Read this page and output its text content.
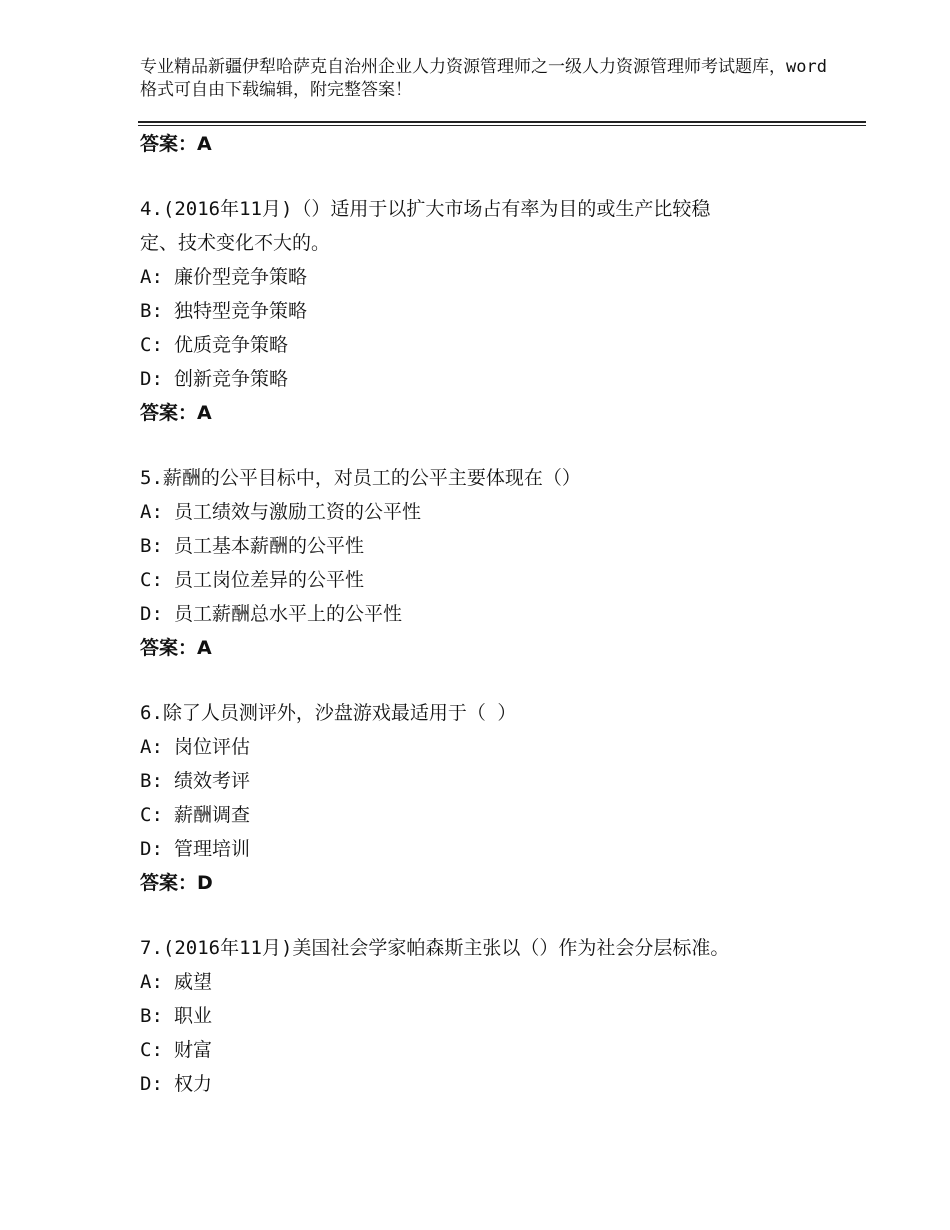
专业精品新疆伊犁哈萨克自治州企业人力资源管理师之一级人力资源管理师考试题库，word格式可自由下载编辑，附完整答案！
答案：A
4.(2016年11月)（）适用于以扩大市场占有率为目的或生产比较稳
定、技术变化不大的。
A: 廉价型竞争策略
B: 独特型竞争策略
C: 优质竞争策略
D: 创新竞争策略
答案：A
5.薪酬的公平目标中，对员工的公平主要体现在（）
A: 员工绩效与激励工资的公平性
B: 员工基本薪酬的公平性
C: 员工岗位差异的公平性
D: 员工薪酬总水平上的公平性
答案：A
6.除了人员测评外，沙盘游戏最适用于（ ）
A: 岗位评估
B: 绩效考评
C: 薪酬调查
D: 管理培训
答案：D
7.(2016年11月)美国社会学家帕森斯主张以（）作为社会分层标准。
A: 威望
B: 职业
C: 财富
D: 权力
